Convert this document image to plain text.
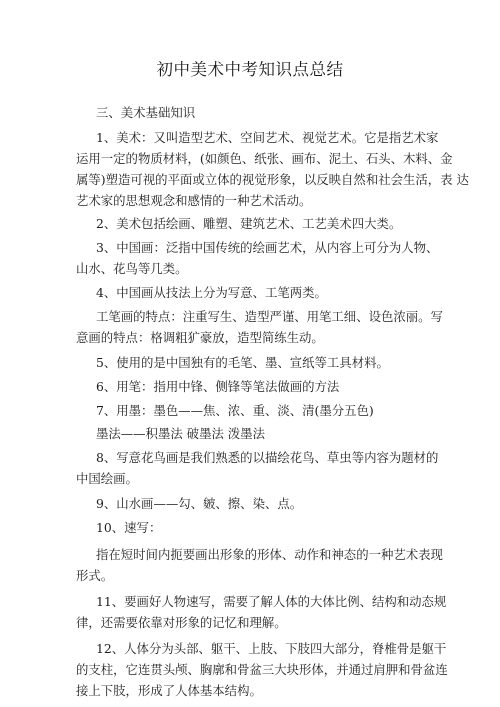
初中美术中考知识点总结
三、美术基础知识
1、美术：又叫造型艺术、空间艺术、视觉艺术。它是指艺术家
运用一定的物质材料，(如颜色、纸张、画布、泥土、石头、木料、金
属等)塑造可视的平面或立体的视觉形象，以反映自然和社会生活，表 达
艺术家的思想观念和感情的一种艺术活动。
2、美术包括绘画、雕塑、建筑艺术、工艺美术四大类。
3、中国画：泛指中国传统的绘画艺术，从内容上可分为人物、
山水、花鸟等几类。
4、中国画从技法上分为写意、工笔两类。
工笔画的特点：注重写生、造型严谨、用笔工细、设色浓丽。写
意画的特点：格调粗犷豪放，造型简练生动。
5、使用的是中国独有的毛笔、墨、宣纸等工具材料。
6、用笔：指用中锋、侧锋等笔法做画的方法
7、用墨：墨色——焦、浓、重、淡、清(墨分五色)
墨法——积墨法 破墨法 泼墨法
8、写意花鸟画是我们熟悉的以描绘花鸟、草虫等内容为题材的
中国绘画。
9、山水画——勾、皴、擦、染、点。
10、速写：
指在短时间内扼要画出形象的形体、动作和神态的一种艺术表现
形式。
11、要画好人物速写，需要了解人体的大体比例、结构和动态规
律，还需要依靠对形象的记忆和理解。
12、人体分为头部、躯干、上肢、下肢四大部分，脊椎骨是躯干
的支柱，它连贯头颅、胸廓和骨盆三大块形体，并通过肩胛和骨盆连
接上下肢，形成了人体基本结构。
